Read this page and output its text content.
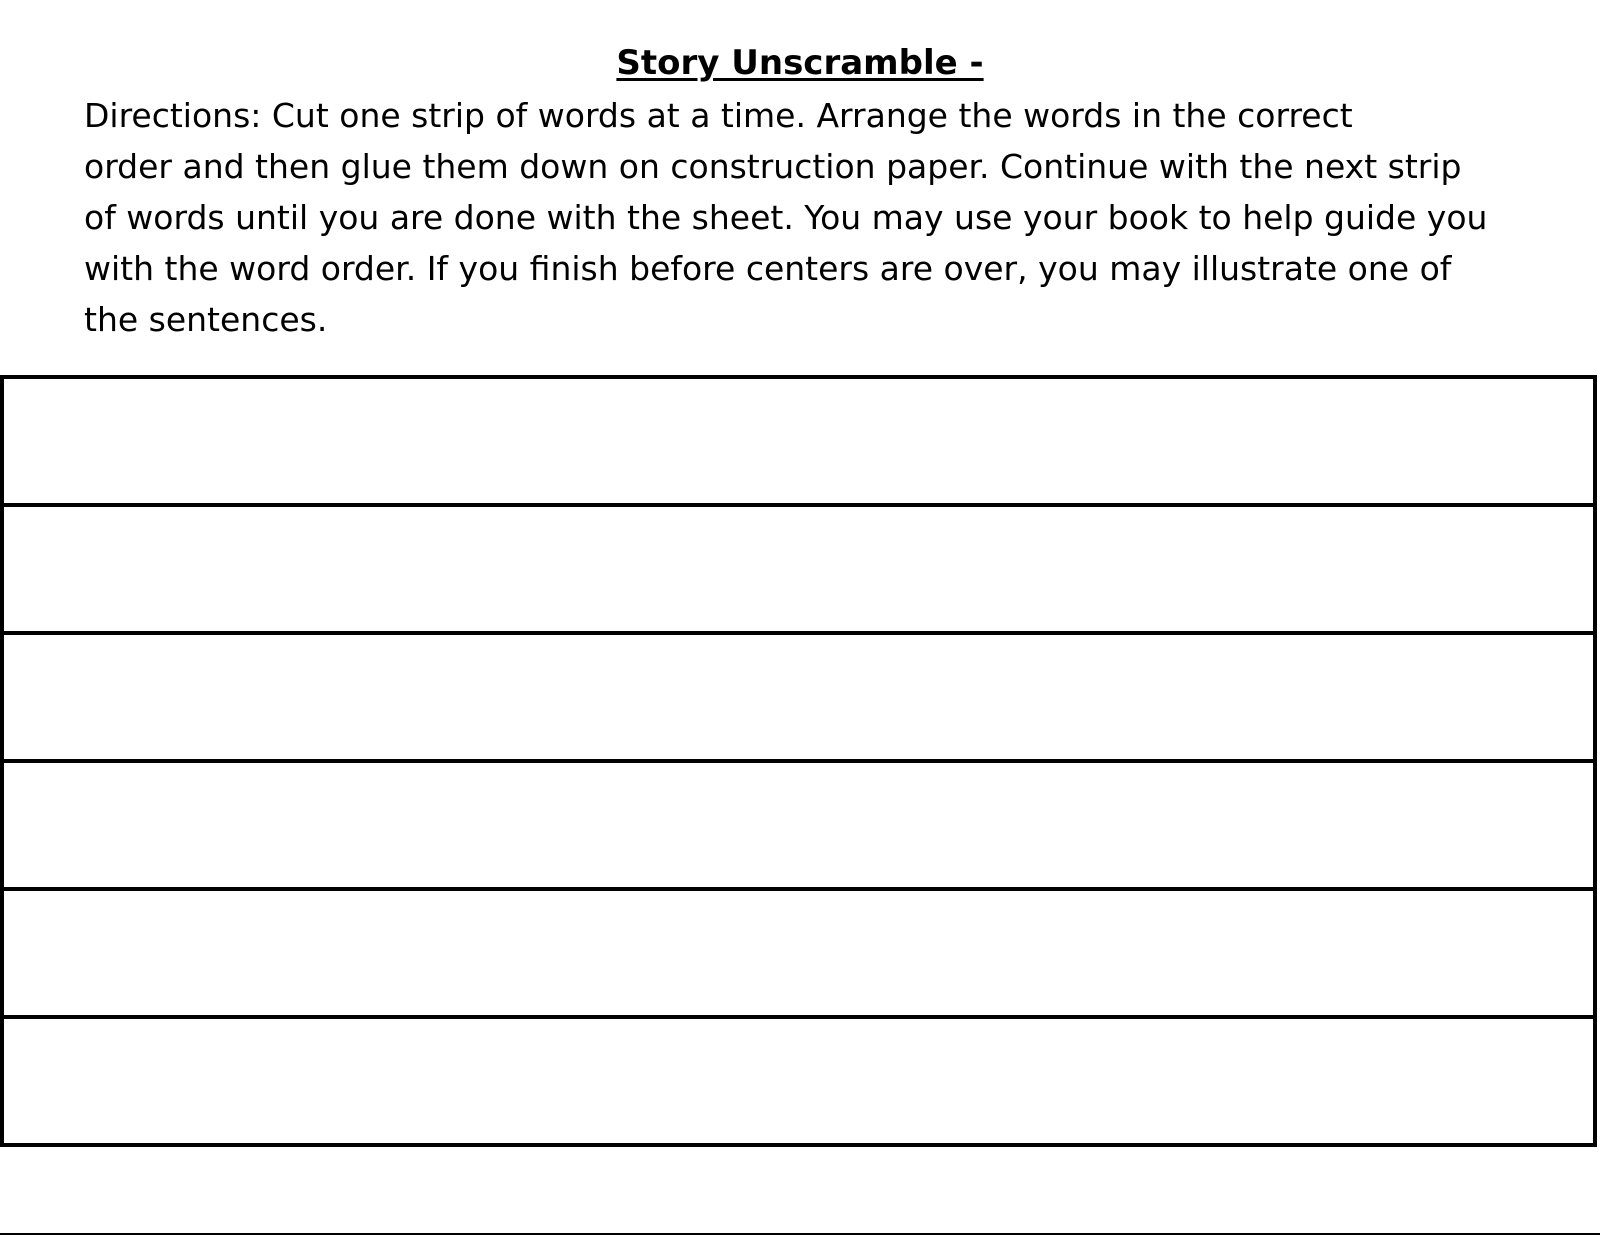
Story Unscramble -
Directions: Cut one strip of words at a time. Arrange the words in the correct
order and then glue them down on construction paper. Continue with the next strip
of words until you are done with the sheet. You may use your book to help guide you
with the word order. If you finish before centers are over, you may illustrate one of
the sentences.
